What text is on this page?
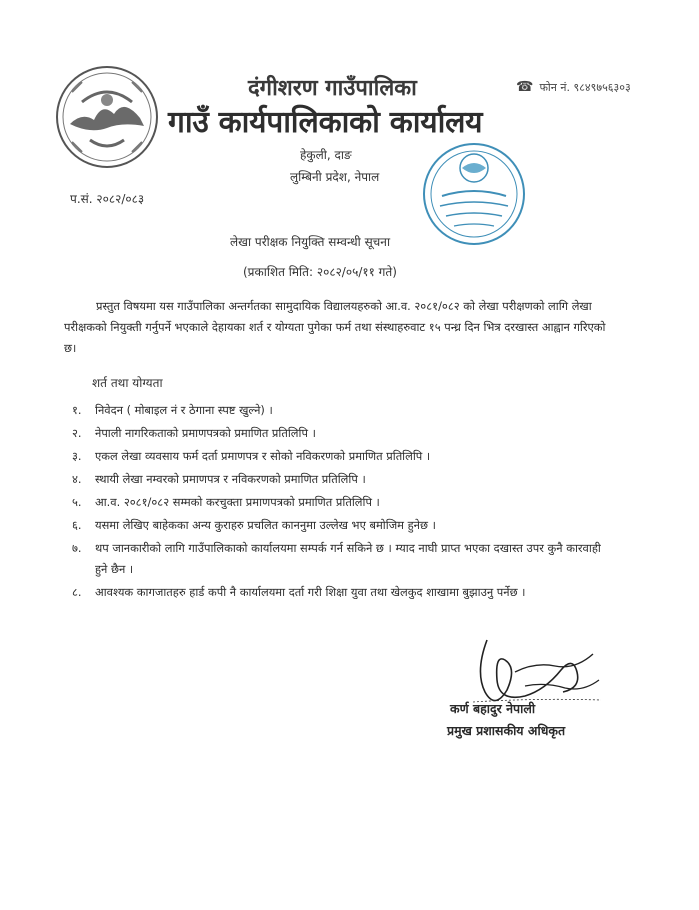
दंगीशरण गाउँपालिका
गाउँ कार्यपालिकाको कार्यालय
☎ फोन नं. ९८४९७५६३०३
हेकुली, दाङ
लुम्बिनी प्रदेश, नेपाल
प.सं. २०८२/०८३
लेखा परीक्षक नियुक्ति सम्वन्धी सूचना
(प्रकाशित मिति: २०८२/०५/११ गते)
प्रस्तुत विषयमा यस गाउँपालिका अन्तर्गतका सामुदायिक विद्यालयहरुको आ.व. २०८१/०८२ को लेखा परीक्षणको लागि लेखा परीक्षकको नियुक्ती गर्नुपर्ने भएकाले देहायका शर्त र योग्यता पुगेका फर्म तथा संस्थाहरुवाट १५ पन्ध्र दिन भित्र दरखास्त आह्वान गरिएको छ।
शर्त तथा योग्यता
१. निवेदन ( मोबाइल नं र ठेगाना स्पष्ट खुल्ने) ।
२. नेपाली नागरिकताको प्रमाणपत्रको प्रमाणित प्रतिलिपि ।
३. एकल लेखा व्यवसाय फर्म दर्ता प्रमाणपत्र र सोको नविकरणको प्रमाणित प्रतिलिपि ।
४. स्थायी लेखा नम्वरको प्रमाणपत्र र नविकरणको प्रमाणित प्रतिलिपि ।
५. आ.व. २०८१/०८२ सम्मको करचुक्ता प्रमाणपत्रको प्रमाणित प्रतिलिपि ।
६. यसमा लेखिए बाहेकका अन्य कुराहरु प्रचलित काननुमा उल्लेख भए बमोजिम हुनेछ ।
७. थप जानकारीको लागि गाउँपालिकाको कार्यालयमा सम्पर्क गर्न सकिने छ । म्याद नाघी प्राप्त भएका दखास्त उपर कुनै कारवाही हुने छैन ।
८. आवश्यक कागजातहरु हार्ड कपी नै कार्यालयमा दर्ता गरी शिक्षा युवा तथा खेलकुद शाखामा बुझाउनु पर्नेछ ।
कर्ण बहादुर नेपाली
प्रमुख प्रशासकीय अधिकृत
